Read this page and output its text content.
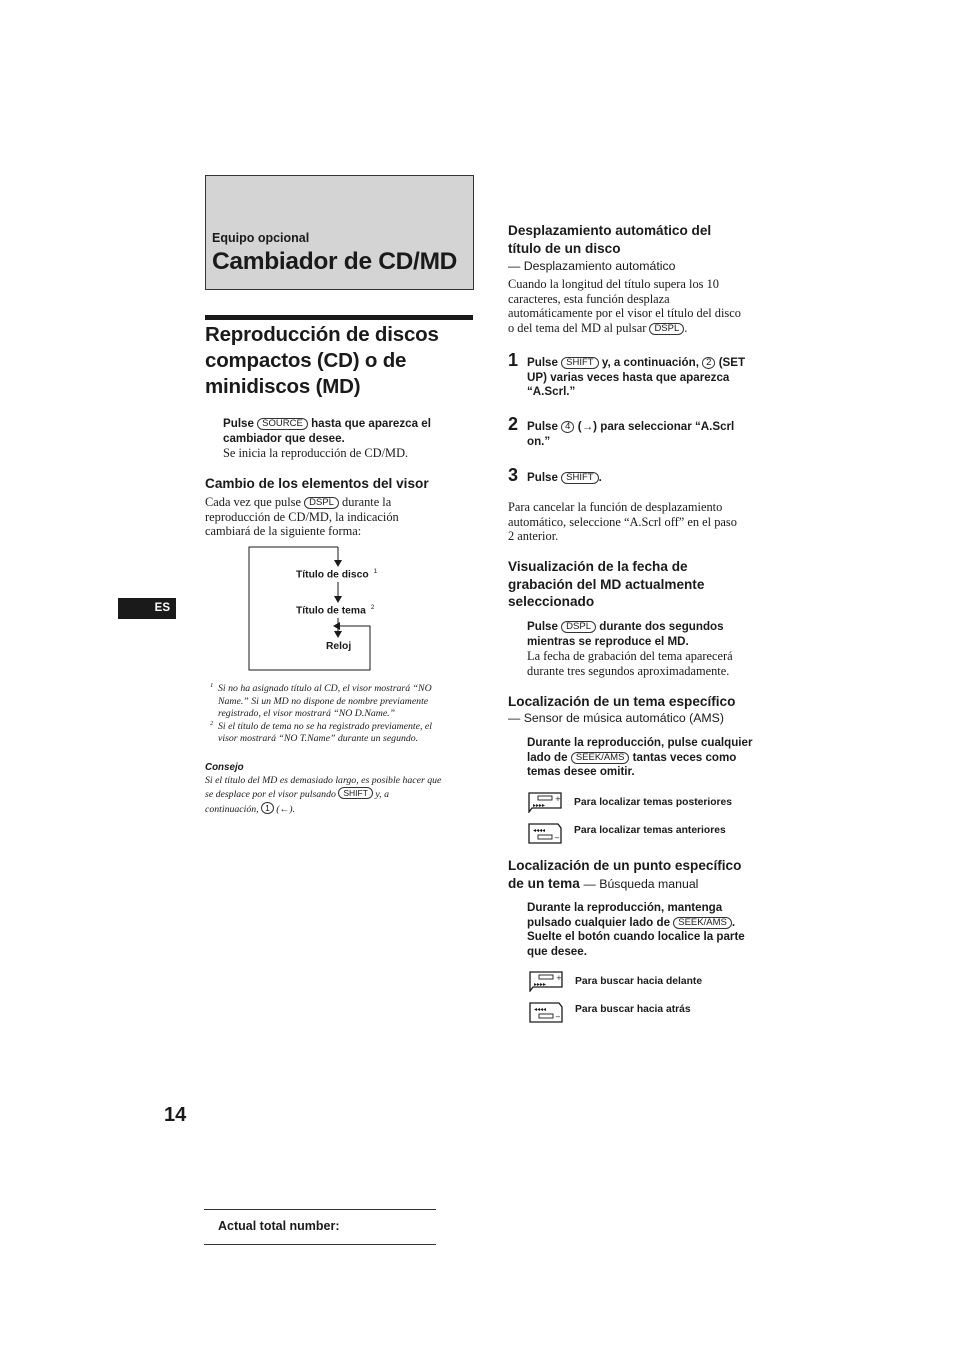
Equipo opcional
Cambiador de CD/MD
Desplazamiento automático del
título de un disco
— Desplazamiento automático
Cuando la longitud del título supera los 10
caracteres, esta función desplaza
automáticamente por el visor el título del disco
o del tema del MD al pulsar DSPL .
1 Pulse SHIFT y, a continuación, 2 (SET
UP) varias veces hasta que aparezca
“A.Scrl.”
2 Pulse 4 (→) para seleccionar “A.Scrl
on.”
3 Pulse SHIFT .
Para cancelar la función de desplazamiento
automático, seleccione “A.Scrl off” en el paso
2 anterior.
Reproducción de discos
compactos (CD) o de
minidiscos (MD)
Pulse SOURCE hasta que aparezca el
cambiador que desee.
Se inicia la reproducción de CD/MD.
Cambio de los elementos del visor
Cada vez que pulse DSPL durante la
reproducción de CD/MD, la indicación
cambiará de la siguiente forma:
Título de disco $^1$
Título de tema $^2$
Reloj
1 Si no ha asignado título al CD, el visor mostrará “NO
Name.” Si un MD no dispone de nombre previamente
registrado, el visor mostrará “NO D.Name.”
2 Si el título de tema no se ha registrado previamente, el
visor mostrará “NO T.Name” durante un segundo.
Consejo
Si el título del MD es demasiado largo, es posible hacer que
se desplace por el visor pulsando SHIFT y, a
continuación, 1 (←).
ES
Visualización de la fecha de
grabación del MD actualmente
seleccionado
Pulse DSPL durante dos segundos
mientras se reproduce el MD.
La fecha de grabación del tema aparecerá
durante tres segundos aproximadamente.
Localización de un tema específico
— Sensor de música automático (AMS)
Durante la reproducción, pulse cualquier
lado de SEEK/AMS tantas veces como
temas desee omitir.
+
▸▸▸▸	Para localizar temas posteriores
◂◂◂◂
−
Para localizar temas anteriores
Localización de un punto específico
de un tema — Búsqueda manual
Durante la reproducción, mantenga
pulsado cualquier lado de SEEK/AMS .
Suelte el botón cuando localice la parte
que desee.
+
▸▸▸▸	Para buscar hacia delante
◂◂◂◂
−
Para buscar hacia atrás
14
Actual total number:
